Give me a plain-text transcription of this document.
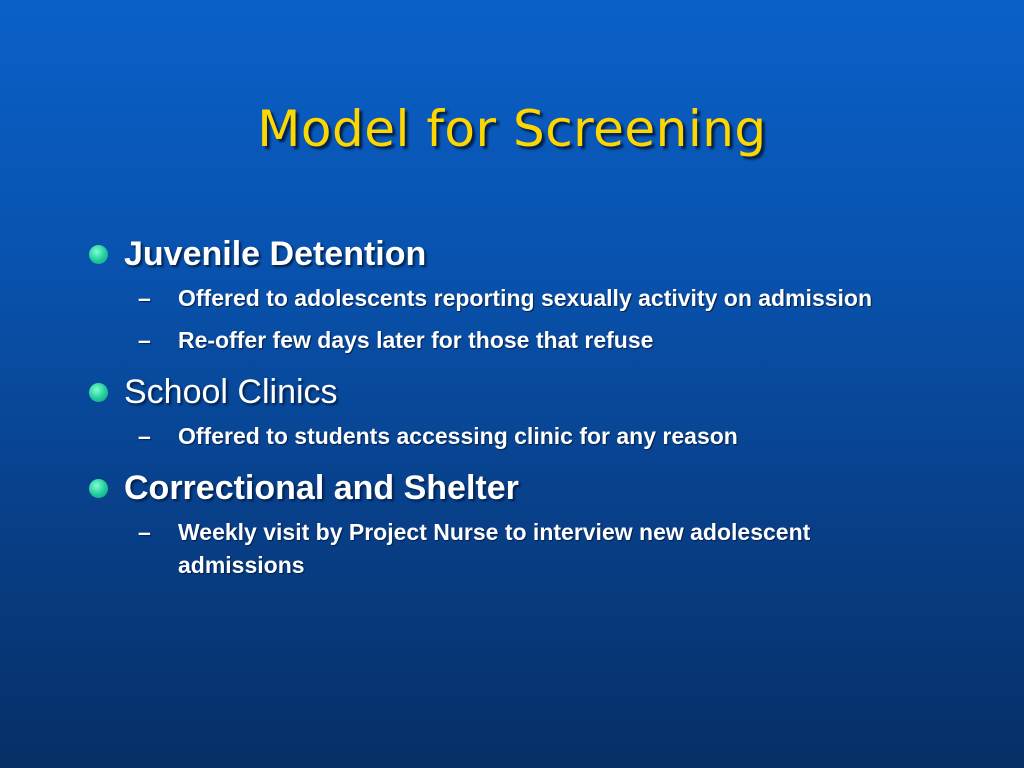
Model for Screening
Juvenile Detention
–	Offered to adolescents reporting sexually activity on admission
–	Re-offer few days later for those that refuse
School Clinics
–	Offered to students accessing clinic for any reason
Correctional and Shelter
–	Weekly visit by Project Nurse to interview new adolescent admissions
